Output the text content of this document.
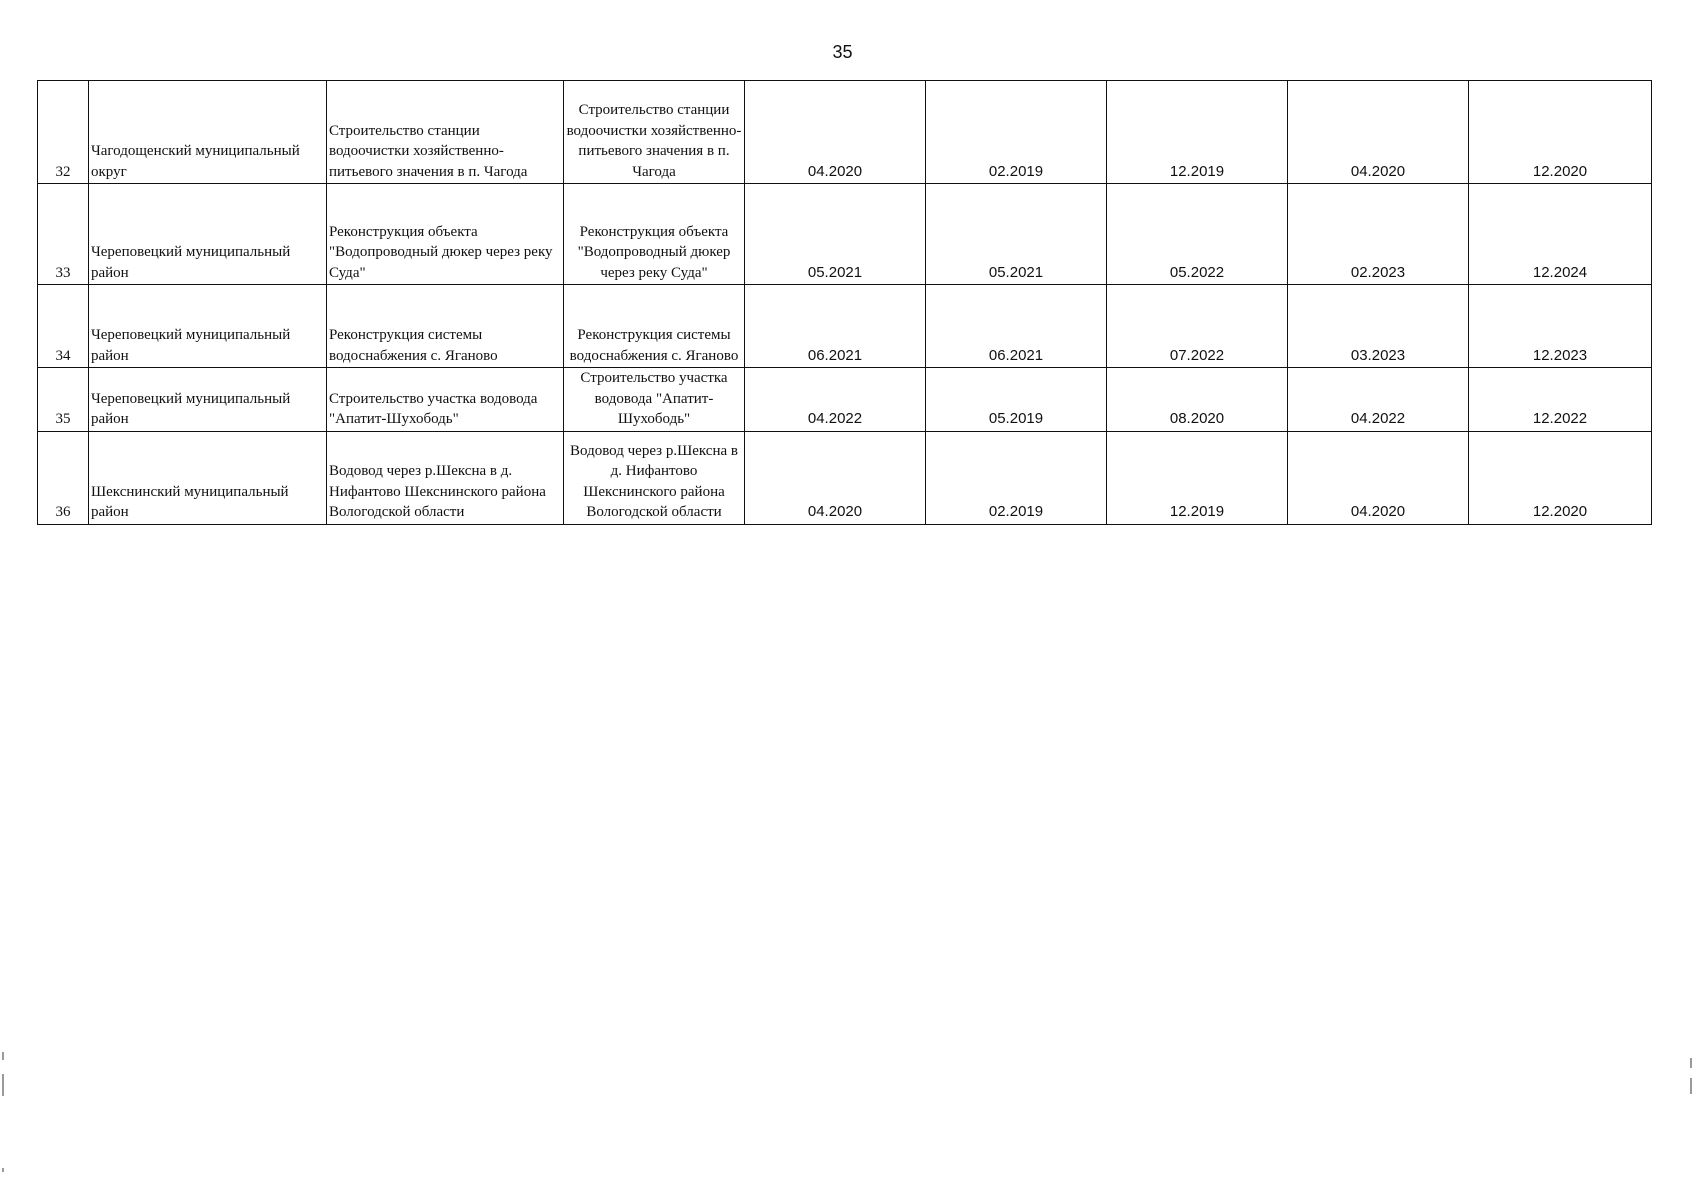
35
32	Чагодощенский муниципальный округ	Строительство станции водоочистки хозяйственно-питьевого значения в п. Чагода	Строительство станции водоочистки хозяйственно-питьевого значения в п. Чагода	04.2020	02.2019	12.2019	04.2020	12.2020
33	Череповецкий муниципальный район	Реконструкция объекта "Водопроводный дюкер через реку Суда"	Реконструкция объекта "Водопроводный дюкер через реку Суда"	05.2021	05.2021	05.2022	02.2023	12.2024
34	Череповецкий муниципальный район	Реконструкция системы водоснабжения с. Яганово	Реконструкция системы водоснабжения с. Яганово	06.2021	06.2021	07.2022	03.2023	12.2023
35	Череповецкий муниципальный район	Строительство участка водовода "Апатит-Шухободь"	Строительство участка водовода "Апатит-Шухободь"	04.2022	05.2019	08.2020	04.2022	12.2022
36	Шекснинский муниципальный район	Водовод через р.Шексна в д. Нифантово Шекснинского района Вологодской области	Водовод через р.Шексна в д. Нифантово Шекснинского района Вологодской области	04.2020	02.2019	12.2019	04.2020	12.2020
